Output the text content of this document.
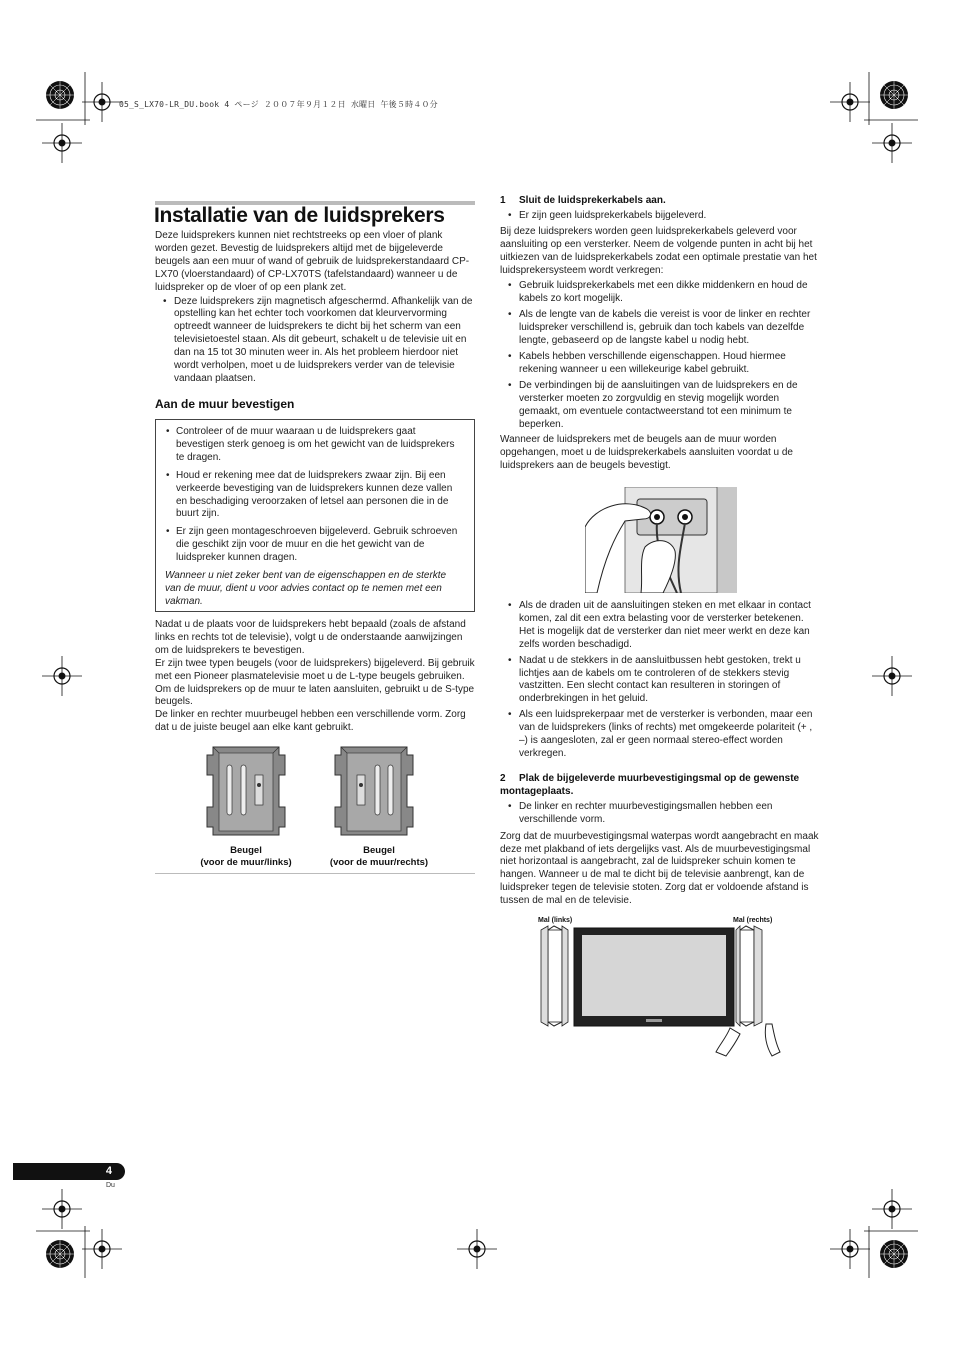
05_S_LX70-LR_DU.book 4 ページ ２００７年９月１２日 水曜日 午後５時４０分
Installatie van de luidsprekers

Deze luidsprekers kunnen niet rechtstreeks op een vloer of plank worden gezet. Bevestig de luidsprekers altijd met de bijgeleverde beugels aan een muur of wand of gebruik de luidsprekerstandaard CP-LX70 (vloerstandaard) of CP-LX70TS (tafelstandaard) wanneer u de luidspreker op de vloer of op een plank zet.

• Deze luidsprekers zijn magnetisch afgeschermd. Afhankelijk van de opstelling kan het echter toch voorkomen dat kleurvervorming optreedt wanneer de luidsprekers te dicht bij het scherm van een televisietoestel staan. Als dit gebeurt, schakelt u de televisie uit en dan na 15 tot 30 minuten weer in. Als het probleem hierdoor niet wordt verholpen, moet u de luidsprekers verder van de televisie vandaan plaatsen.
Aan de muur bevestigen
• Controleer of de muur waaraan u de luidsprekers gaat bevestigen sterk genoeg is om het gewicht van de luidsprekers te dragen.
• Houd er rekening mee dat de luidsprekers zwaar zijn. Bij een verkeerde bevestiging van de luidsprekers kunnen deze vallen en beschadiging veroorzaken of letsel aan personen die in de buurt zijn.
• Er zijn geen montageschroeven bijgeleverd. Gebruik schroeven die geschikt zijn voor de muur en die het gewicht van de luidspreker kunnen dragen.

Wanneer u niet zeker bent van de eigenschappen en de sterkte van de muur, dient u voor advies contact op te nemen met een vakman.

Nadat u de plaats voor de luidsprekers hebt bepaald (zoals de afstand links en rechts tot de televisie), volgt u de onderstaande aanwijzingen om de luidsprekers te bevestigen.

Er zijn twee typen beugels (voor de luidsprekers) bijgeleverd. Bij gebruik met een Pioneer plasmatelevisie moet u de L-type beugels gebruiken. Om de luidsprekers op de muur te laten aansluiten, gebruikt u de S-type beugels.

De linker en rechter muurbeugel hebben een verschillende vorm. Zorg dat u de juiste beugel aan elke kant gebruikt.

Beugel
(voor de muur/links)
Beugel
(voor de muur/rechts)
1 Sluit de luidsprekerkabels aan.
• Er zijn geen luidsprekerkabels bijgeleverd.

Bij deze luidsprekers worden geen luidsprekerkabels geleverd voor aansluiting op een versterker. Neem de volgende punten in acht bij het uitkiezen van de luidsprekerkabels zodat een optimale prestatie van het luidsprekersysteem wordt verkregen:

• Gebruik luidsprekerkabels met een dikke middenkern en houd de kabels zo kort mogelijk.
• Als de lengte van de kabels die vereist is voor de linker en rechter luidspreker verschillend is, gebruik dan toch kabels van dezelfde lengte, gebaseerd op de langste kabel u nodig hebt.
• Kabels hebben verschillende eigenschappen. Houd hiermee rekening wanneer u een willekeurige kabel gebruikt.
• De verbindingen bij de aansluitingen van de luidsprekers en de versterker moeten zo zorgvuldig en stevig mogelijk worden gemaakt, om eventuele contactweerstand tot een minimum te beperken.

Wanneer de luidsprekers met de beugels aan de muur worden opgehangen, moet u de luidsprekerkabels aansluiten voordat u de luidsprekers aan de beugels bevestigt.

• Als de draden uit de aansluitingen steken en met elkaar in contact komen, zal dit een extra belasting voor de versterker betekenen. Het is mogelijk dat de versterker dan niet meer werkt en deze kan zelfs worden beschadigd.
• Nadat u de stekkers in de aansluitbussen hebt gestoken, trekt u lichtjes aan de kabels om te controleren of de stekkers stevig vastzitten. Een slecht contact kan resulteren in storingen of onderbrekingen in het geluid.
• Als een luidsprekerpaar met de versterker is verbonden, maar een van de luidsprekers (links of rechts) met omgekeerde polariteit (+ , –) is aangesloten, zal er geen normaal stereo-effect worden verkregen.
2 Plak de bijgeleverde muurbevestigingsmal op de gewenste montageplaats.
• De linker en rechter muurbevestigingsmallen hebben een verschillende vorm.

Zorg dat de muurbevestigingsmal waterpas wordt aangebracht en maak deze met plakband of iets dergelijks vast. Als de muurbevestigingsmal niet horizontaal is aangebracht, zal de luidspreker schuin komen te hangen. Wanneer u de mal te dicht bij de televisie aanbrengt, kan de luidspreker tegen de televisie stoten. Zorg dat er voldoende afstand is tussen de mal en de televisie.

Mal (links)	Mal (rechts)
4
Du
